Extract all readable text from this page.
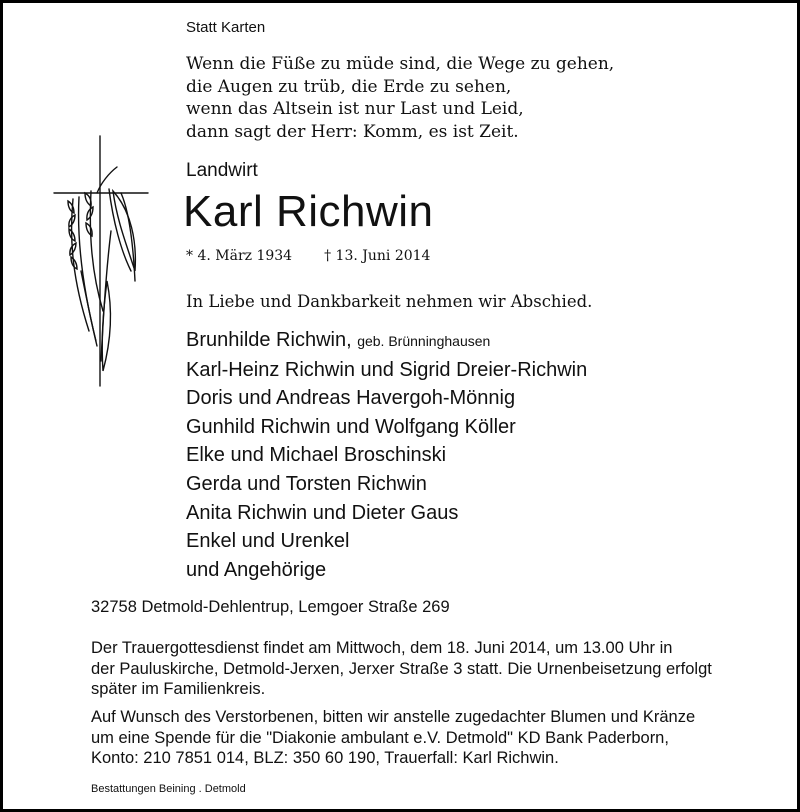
Statt Karten
Wenn die Füße zu müde sind, die Wege zu gehen,
die Augen zu trüb, die Erde zu sehen,
wenn das Altsein ist nur Last und Leid,
dann sagt der Herr: Komm, es ist Zeit.
Landwirt
Karl Richwin
* 4. März 1934 † 13. Juni 2014
In Liebe und Dankbarkeit nehmen wir Abschied.
Brunhilde Richwin, geb. Brünninghausen
Karl-Heinz Richwin und Sigrid Dreier-Richwin
Doris und Andreas Havergoh-Mönnig
Gunhild Richwin und Wolfgang Köller
Elke und Michael Broschinski
Gerda und Torsten Richwin
Anita Richwin und Dieter Gaus
Enkel und Urenkel
und Angehörige
32758 Detmold-Dehlentrup, Lemgoer Straße 269
Der Trauergottesdienst findet am Mittwoch, dem 18. Juni 2014, um 13.00 Uhr in
der Pauluskirche, Detmold-Jerxen, Jerxer Straße 3 statt. Die Urnenbeisetzung erfolgt
später im Familienkreis.
Auf Wunsch des Verstorbenen, bitten wir anstelle zugedachter Blumen und Kränze
um eine Spende für die "Diakonie ambulant e.V. Detmold" KD Bank Paderborn,
Konto: 210 7851 014, BLZ: 350 60 190, Trauerfall: Karl Richwin.
Bestattungen Beining . Detmold
